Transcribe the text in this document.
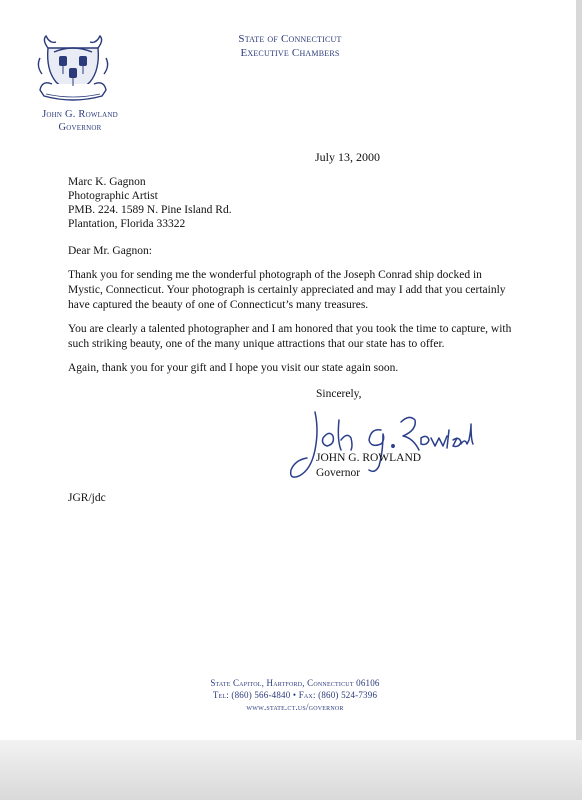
State of Connecticut
Executive Chambers
John G. Rowland
Governor
July 13, 2000
Marc K. Gagnon
Photographic Artist
PMB. 224. 1589 N. Pine Island Rd.
Plantation, Florida 33322
Dear Mr. Gagnon:
Thank you for sending me the wonderful photograph of the Joseph Conrad ship docked in Mystic, Connecticut. Your photograph is certainly appreciated and may I add that you certainly have captured the beauty of one of Connecticut’s many treasures.
You are clearly a talented photographer and I am honored that you took the time to capture, with such striking beauty, one of the many unique attractions that our state has to offer.
Again, thank you for your gift and I hope you visit our state again soon.
Sincerely,
JOHN G. ROWLAND
Governor
JGR/jdc
State Capitol, Hartford, Connecticut 06106
Tel: (860) 566-4840 • Fax: (860) 524-7396
www.state.ct.us/governor
